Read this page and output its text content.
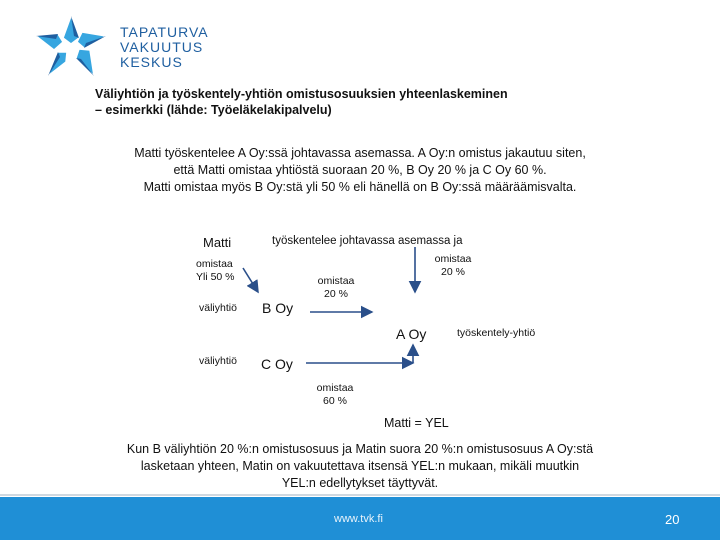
TAPATURVA
VAKUUTUS
KESKUS
Väliyhtiön ja työskentely-yhtiön omistusosuuksien yhteenlaskeminen
– esimerkki (lähde: Työeläkelakipalvelu)
Matti työskentelee A Oy:ssä johtavassa asemassa. A Oy:n omistus jakautuu siten,
että Matti omistaa yhtiöstä suoraan 20 %, B Oy 20 % ja C Oy 60 %.
Matti omistaa myös B Oy:stä yli 50 % eli hänellä on B Oy:ssä määräämisvalta.
Matti	työskentelee johtavassa asemassa ja
omistaa
Yli 50 %
omistaa
20 %
omistaa
20 %
väliyhtiö B Oy
A Oy	työskentely-yhtiö
väliyhtiö C Oy
omistaa
60 %
Matti = YEL
Kun B väliyhtiön 20 %:n omistusosuus ja Matin suora 20 %:n omistusosuus A Oy:stä
lasketaan yhteen, Matin on vakuutettava itsensä YEL:n mukaan, mikäli muutkin
YEL:n edellytykset täyttyvät.
www.tvk.fi	20
